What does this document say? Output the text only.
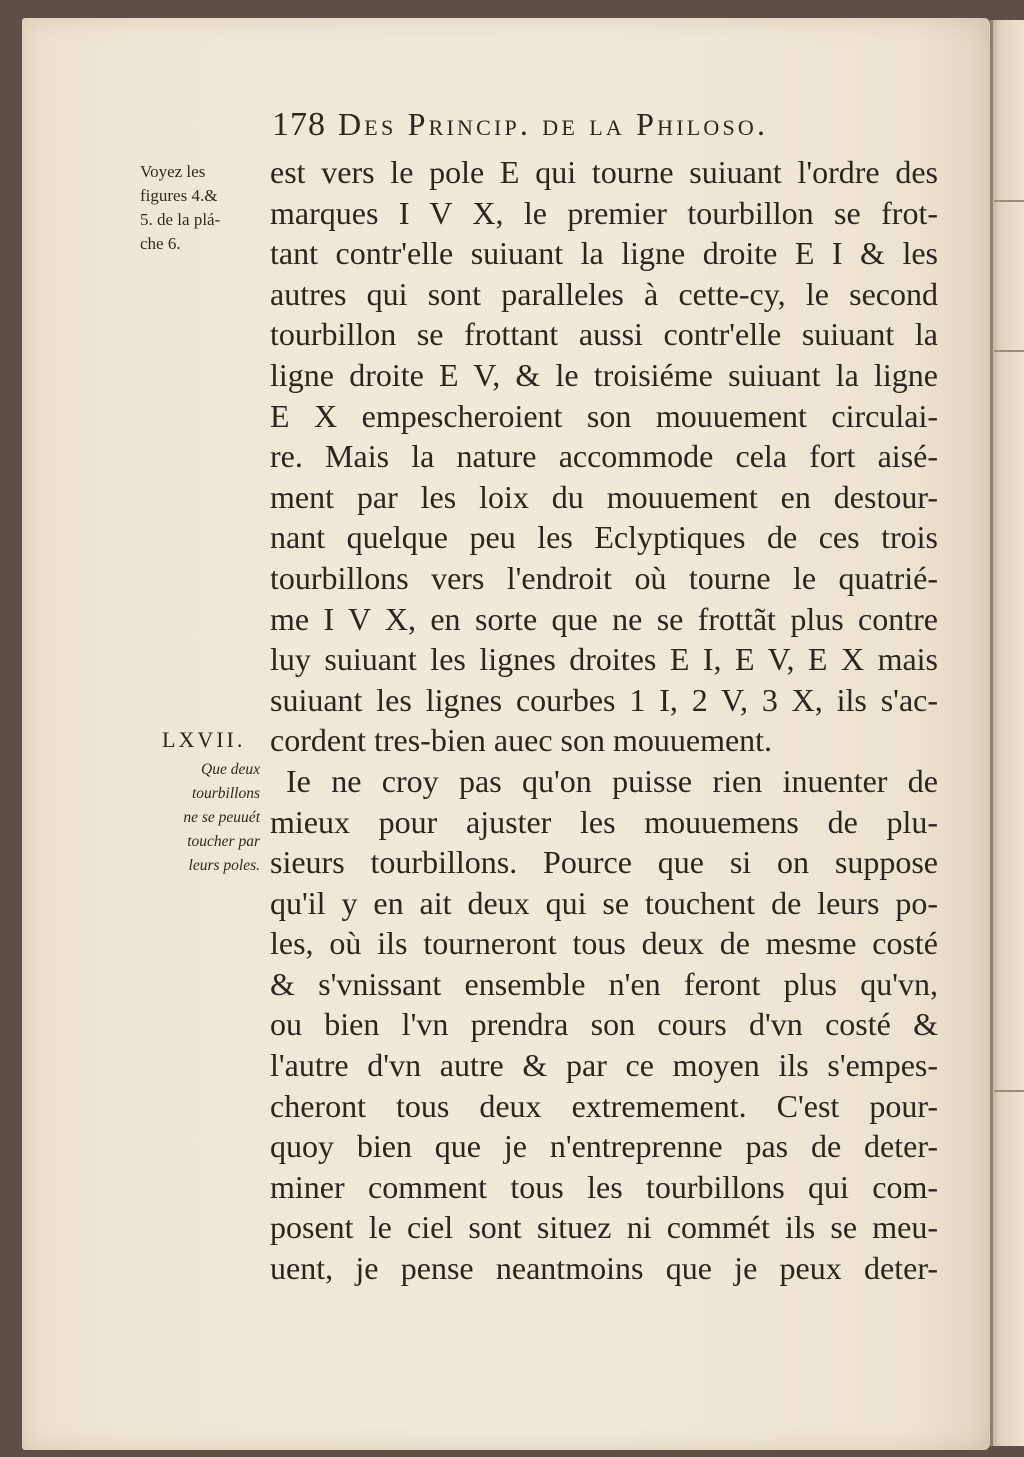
178 Des Princip. de la Philoso.
Voyez les
figures 4.&
5. de la plá-
che 6.
LXVII.
Que deux
tourbillons
ne se peuuét
toucher par
leurs poles.
est vers le pole E qui tourne suiuant l'ordre des
marques I V X, le premier tourbillon se frot-
tant contr'elle suiuant la ligne droite E I & les
autres qui sont paralleles à cette-cy, le second
tourbillon se frottant aussi contr'elle suiuant la
ligne droite E V, & le troisiéme suiuant la ligne
E X empescheroient son mouuement circulai-
re. Mais la nature accommode cela fort aisé-
ment par les loix du mouuement en destour-
nant quelque peu les Eclyptiques de ces trois
tourbillons vers l'endroit où tourne le quatrié-
me I V X, en sorte que ne se frottãt plus contre
luy suiuant les lignes droites E I, E V, E X mais
suiuant les lignes courbes 1 I, 2 V, 3 X, ils s'ac-
cordent tres-bien auec son mouuement.
Ie ne croy pas qu'on puisse rien inuenter de
mieux pour ajuster les mouuemens de plu-
sieurs tourbillons. Pource que si on suppose
qu'il y en ait deux qui se touchent de leurs po-
les, où ils tourneront tous deux de mesme costé
& s'vnissant ensemble n'en feront plus qu'vn,
ou bien l'vn prendra son cours d'vn costé &
l'autre d'vn autre & par ce moyen ils s'empes-
cheront tous deux extremement. C'est pour-
quoy bien que je n'entreprenne pas de deter-
miner comment tous les tourbillons qui com-
posent le ciel sont situez ni commét ils se meu-
uent, je pense neantmoins que je peux deter-
